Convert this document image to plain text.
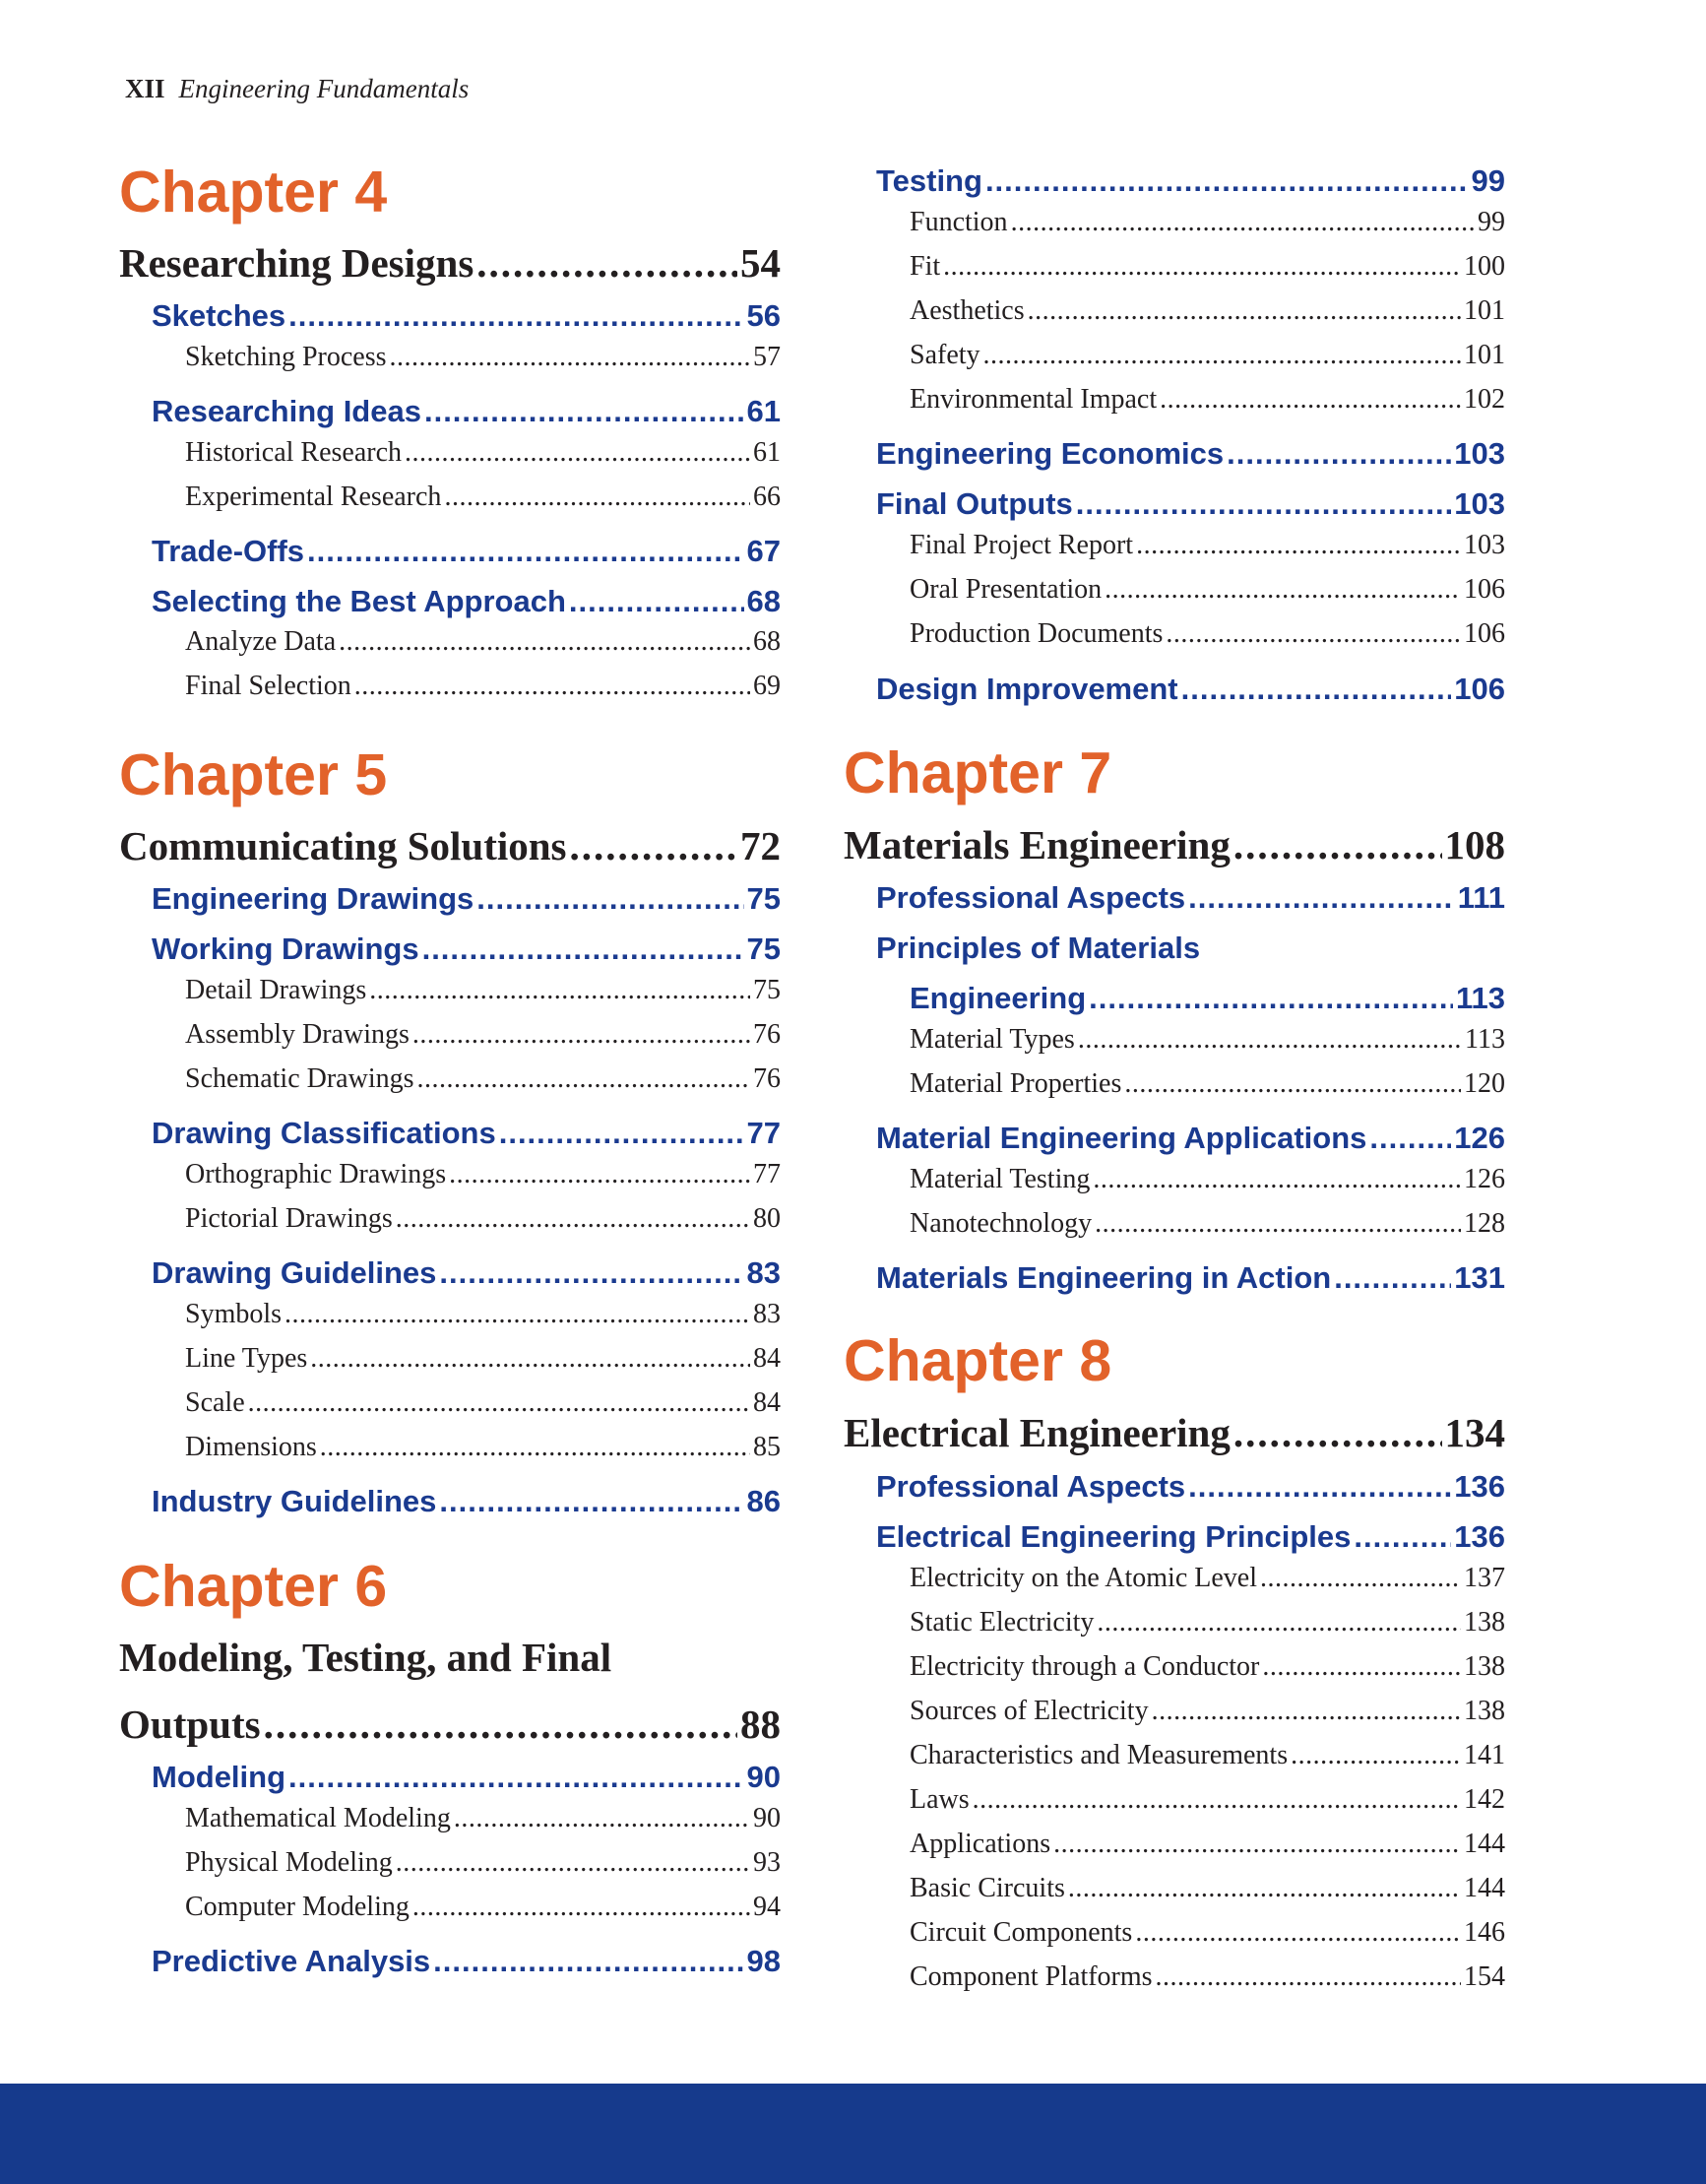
XII Engineering Fundamentals
Chapter 4
Researching Designs .....	54
Sketches .....	56
Sketching Process .....	57
Researching Ideas .....	61
Historical Research .....	61
Experimental Research .....	66
Trade-Offs .....	67
Selecting the Best Approach .....	68
Analyze Data .....	68
Final Selection .....	69
Chapter 5
Communicating Solutions .....	72
Engineering Drawings .....	75
Working Drawings .....	75
Detail Drawings .....	75
Assembly Drawings .....	76
Schematic Drawings .....	76
Drawing Classifications .....	77
Orthographic Drawings .....	77
Pictorial Drawings .....	80
Drawing Guidelines .....	83
Symbols .....	83
Line Types .....	84
Scale .....	84
Dimensions .....	85
Industry Guidelines .....	86
Chapter 6
Modeling, Testing, and Final
Outputs .....	88
Modeling .....	90
Mathematical Modeling .....	90
Physical Modeling .....	93
Computer Modeling .....	94
Predictive Analysis .....	98
Testing .....	99
Function .....	99
Fit .....	100
Aesthetics .....	101
Safety .....	101
Environmental Impact .....	102
Engineering Economics .....	103
Final Outputs .....	103
Final Project Report .....	103
Oral Presentation .....	106
Production Documents .....	106
Design Improvement .....	106
Chapter 7
Materials Engineering .....	108
Professional Aspects .....	111
Principles of Materials
Engineering .....	113
Material Types .....	113
Material Properties .....	120
Material Engineering Applications .....	126
Material Testing .....	126
Nanotechnology .....	128
Materials Engineering in Action .....	131
Chapter 8
Electrical Engineering .....	134
Professional Aspects .....	136
Electrical Engineering Principles .....	136
Electricity on the Atomic Level .....	137
Static Electricity .....	138
Electricity through a Conductor .....	138
Sources of Electricity .....	138
Characteristics and Measurements .....	141
Laws .....	142
Applications .....	144
Basic Circuits .....	144
Circuit Components .....	146
Component Platforms .....	154
